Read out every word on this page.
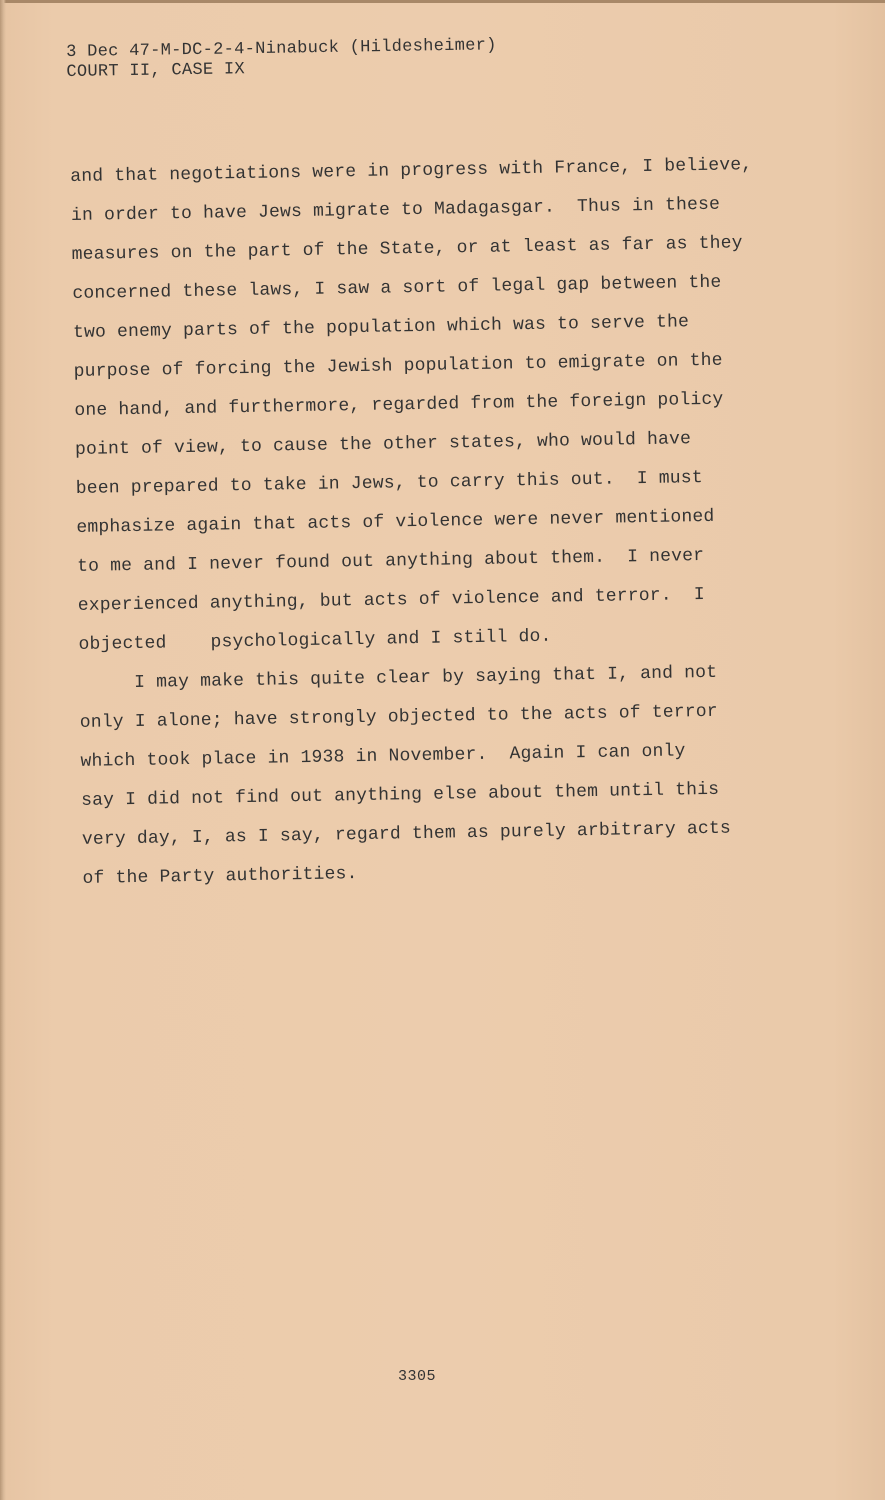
3 Dec 47-M-DC-2-4-Ninabuck (Hildesheimer)
COURT II, CASE IX
and that negotiations were in progress with France, I believe,
in order to have Jews migrate to Madagasgar.  Thus in these
measures on the part of the State, or at least as far as they
concerned these laws, I saw a sort of legal gap between the
two enemy parts of the population which was to serve the
purpose of forcing the Jewish population to emigrate on the
one hand, and furthermore, regarded from the foreign policy
point of view, to cause the other states, who would have
been prepared to take in Jews, to carry this out.  I must
emphasize again that acts of violence were never mentioned
to me and I never found out anything about them.  I never
experienced anything, but acts of violence and terror.  I
objected    psychologically and I still do.
I may make this quite clear by saying that I, and not
only I alone; have strongly objected to the acts of terror
which took place in 1938 in November.  Again I can only
say I did not find out anything else about them until this
very day, I, as I say, regard them as purely arbitrary acts
of the Party authorities.
3305
